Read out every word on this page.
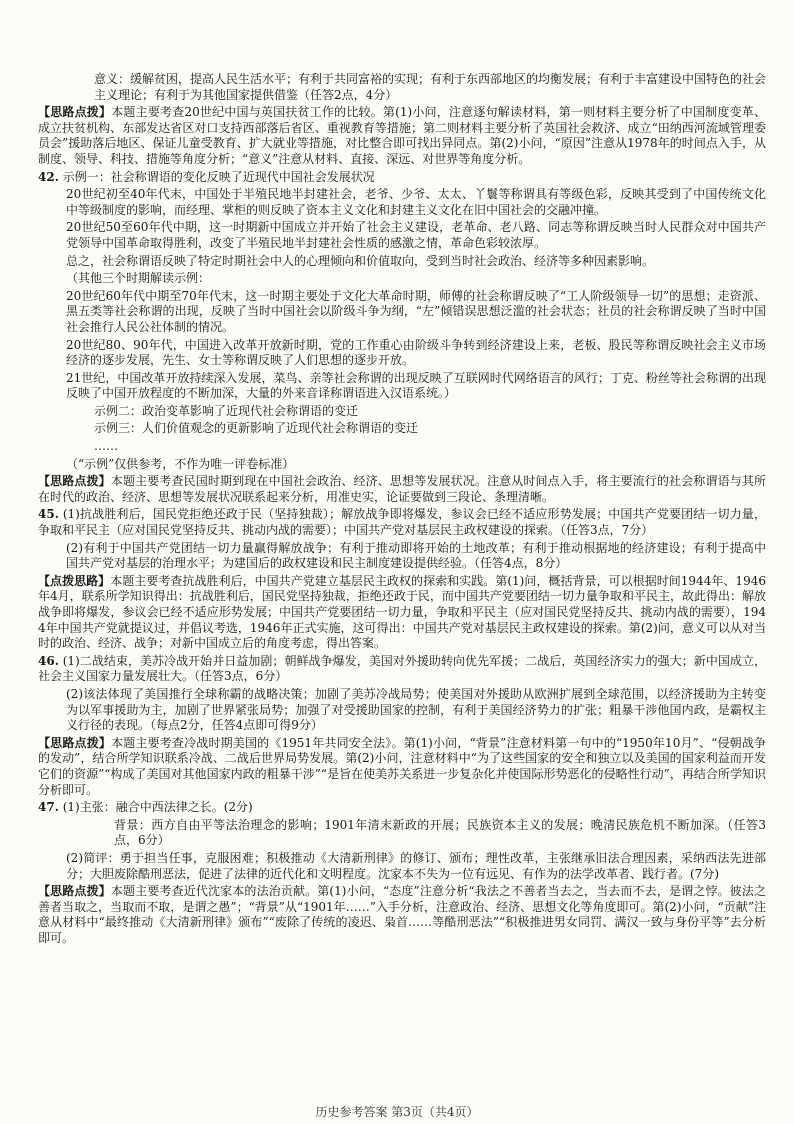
意义：缓解贫困，提高人民生活水平；有利于共同富裕的实现；有利于东西部地区的均衡发展；有利于丰富建设中国特色的社会主义理论；有利于为其他国家提供借鉴（任答2点，4分）

【思路点拨】本题主要考查20世纪中国与英国扶贫工作的比较。第(1)小问，注意逐句解读材料，第一则材料主要分析了中国制度变革、成立扶贫机构、东部发达省区对口支持西部落后省区、重视教育等措施；第二则材料主要分析了英国社会救济、成立“田纳西河流域管理委员会”援助落后地区、保证儿童受教育、扩大就业等措施，对比整合即可找出异同点。第(2)小问，“原因”注意从1978年的时间点入手，从制度、领导、科技、措施等角度分析；“意义”注意从材料、直接、深远、对世界等角度分析。

42. 示例一：社会称谓语的变化反映了近现代中国社会发展状况

20世纪初至40年代末，中国处于半殖民地半封建社会，老爷、少爷、太太、丫鬟等称谓具有等级色彩，反映其受到了中国传统文化中等级制度的影响，而经理、掌柜的则反映了资本主义文化和封建主义文化在旧中国社会的交融冲撞。

20世纪50至60年代中期，这一时期新中国成立并开始了社会主义建设，老革命、老八路、同志等称谓反映当时人民群众对中国共产党领导中国革命取得胜利，改变了半殖民地半封建社会性质的感激之情，革命色彩较浓厚。

总之，社会称谓语反映了特定时期社会中人的心理倾向和价值取向，受到当时社会政治、经济等多种因素影响。

（其他三个时期解读示例：

20世纪60年代中期至70年代末，这一时期主要处于文化大革命时期，师傅的社会称谓反映了“工人阶级领导一切”的思想；走资派、黑五类等社会称谓的出现，反映了当时中国社会以阶级斗争为纲，“左”倾错误思想泛滥的社会状态；社员的社会称谓反映了当时中国社会推行人民公社体制的情况。

20世纪80、90年代，中国进入改革开放新时期，党的工作重心由阶级斗争转到经济建设上来，老板、股民等称谓反映社会主义市场经济的逐步发展，先生、女士等称谓反映了人们思想的逐步开放。

21世纪，中国改革开放持续深入发展，菜鸟、亲等社会称谓的出现反映了互联网时代网络语言的风行；丁克、粉丝等社会称谓的出现反映了中国开放程度的不断加深，大量的外来音译称谓语进入汉语系统。）

示例二：政治变革影响了近现代社会称谓语的变迁

示例三：人们价值观念的更新影响了近现代社会称谓语的变迁

……

（“示例”仅供参考，不作为唯一评卷标准）

【思路点拨】本题主要考查民国时期到现在中国社会政治、经济、思想等发展状况。注意从时间点入手，将主要流行的社会称谓语与其所在时代的政治、经济、思想等发展状况联系起来分析，用准史实，论证要做到三段论、条理清晰。

45. (1)抗战胜利后，国民党拒绝还政于民（坚持独裁）；解放战争即将爆发，参议会已经不适应形势发展；中国共产党要团结一切力量，争取和平民主（应对国民党坚持反共、挑动内战的需要）；中国共产党对基层民主政权建设的探索。（任答3点，7分）

(2)有利于中国共产党团结一切力量赢得解放战争；有利于推动即将开始的土地改革；有利于推动根据地的经济建设；有利于提高中国共产党对基层的治理水平；为建国后的政权建设和民主制度建设提供经验。（任答4点，8分）

【点拨思路】本题主要考查抗战胜利后，中国共产党建立基层民主政权的探索和实践。第(1)问，概括背景，可以根据时间1944年、1946年4月，联系所学知识得出：抗战胜利后，国民党坚持独裁，拒绝还政于民，而中国共产党要团结一切力量争取和平民主，故此得出：解放战争即将爆发，参议会已经不适应形势发展；中国共产党要团结一切力量，争取和平民主（应对国民党坚持反共、挑动内战的需要），1944年中国共产党就提议过，并倡议考选，1946年正式实施，这可得出：中国共产党对基层民主政权建设的探索。第(2)问，意义可以从对当时的政治、经济、战争；对新中国成立后的角度考虑，得出答案。

46. (1)二战结束，美苏冷战开始并日益加剧；朝鲜战争爆发，美国对外援助转向优先军援；二战后，英国经济实力的强大；新中国成立，社会主义国家力量发展壮大。（任答3点，6分）

(2)该法体现了美国推行全球称霸的战略决策；加剧了美苏冷战局势；使美国对外援助从欧洲扩展到全球范围，以经济援助为主转变为以军事援助为主，加剧了世界紧张局势；加强了对受援助国家的控制，有利于美国经济势力的扩张；粗暴干涉他国内政，是霸权主义行径的表现。（每点2分，任答4点即可得9分）

【思路点拨】本题主要考查冷战时期美国的《1951年共同安全法》。第(1)小问，“背景”注意材料第一句中的“1950年10月”、“侵朝战争的发动”，结合所学知识联系冷战、二战后世界局势发展。第(2)小问，注意材料中“为了这些国家的安全和独立以及美国的国家利益而开发它们的资源”“构成了美国对其他国家内政的粗暴干涉”“是旨在使美苏关系进一步复杂化并使国际形势恶化的侵略性行动”，再结合所学知识分析即可。

47. (1)主张：融合中西法律之长。(2分)

背景：西方自由平等法治理念的影响；1901年清末新政的开展；民族资本主义的发展；晚清民族危机不断加深。（任答3点，6分）

(2)简评：勇于担当任事，克服困难；积极推动《大清新刑律》的修订、颁布；理性改革，主张继承旧法合理因素，采纳西法先进部分；大胆废除酷刑恶法，促进了法律的近代化和文明程度。沈家本不失为一位有远见、有作为的法学改革者、践行者。(7分)

【思路点拨】本题主要考查近代沈家本的法治贡献。第(1)小问，“态度”注意分析“我法之不善者当去之，当去而不去，是谓之悖。彼法之善者当取之，当取而不取，是谓之愚”；“背景”从“1901年……”入手分析，注意政治、经济、思想文化等角度即可。第(2)小问，“贡献”注意从材料中“最终推动《大清新刑律》颁布”“废除了传统的凌迟、枭首……等酷刑恶法”“积极推进男女同罚、满汉一致与身份平等”去分析即可。

历史参考答案 第3页（共4页）
